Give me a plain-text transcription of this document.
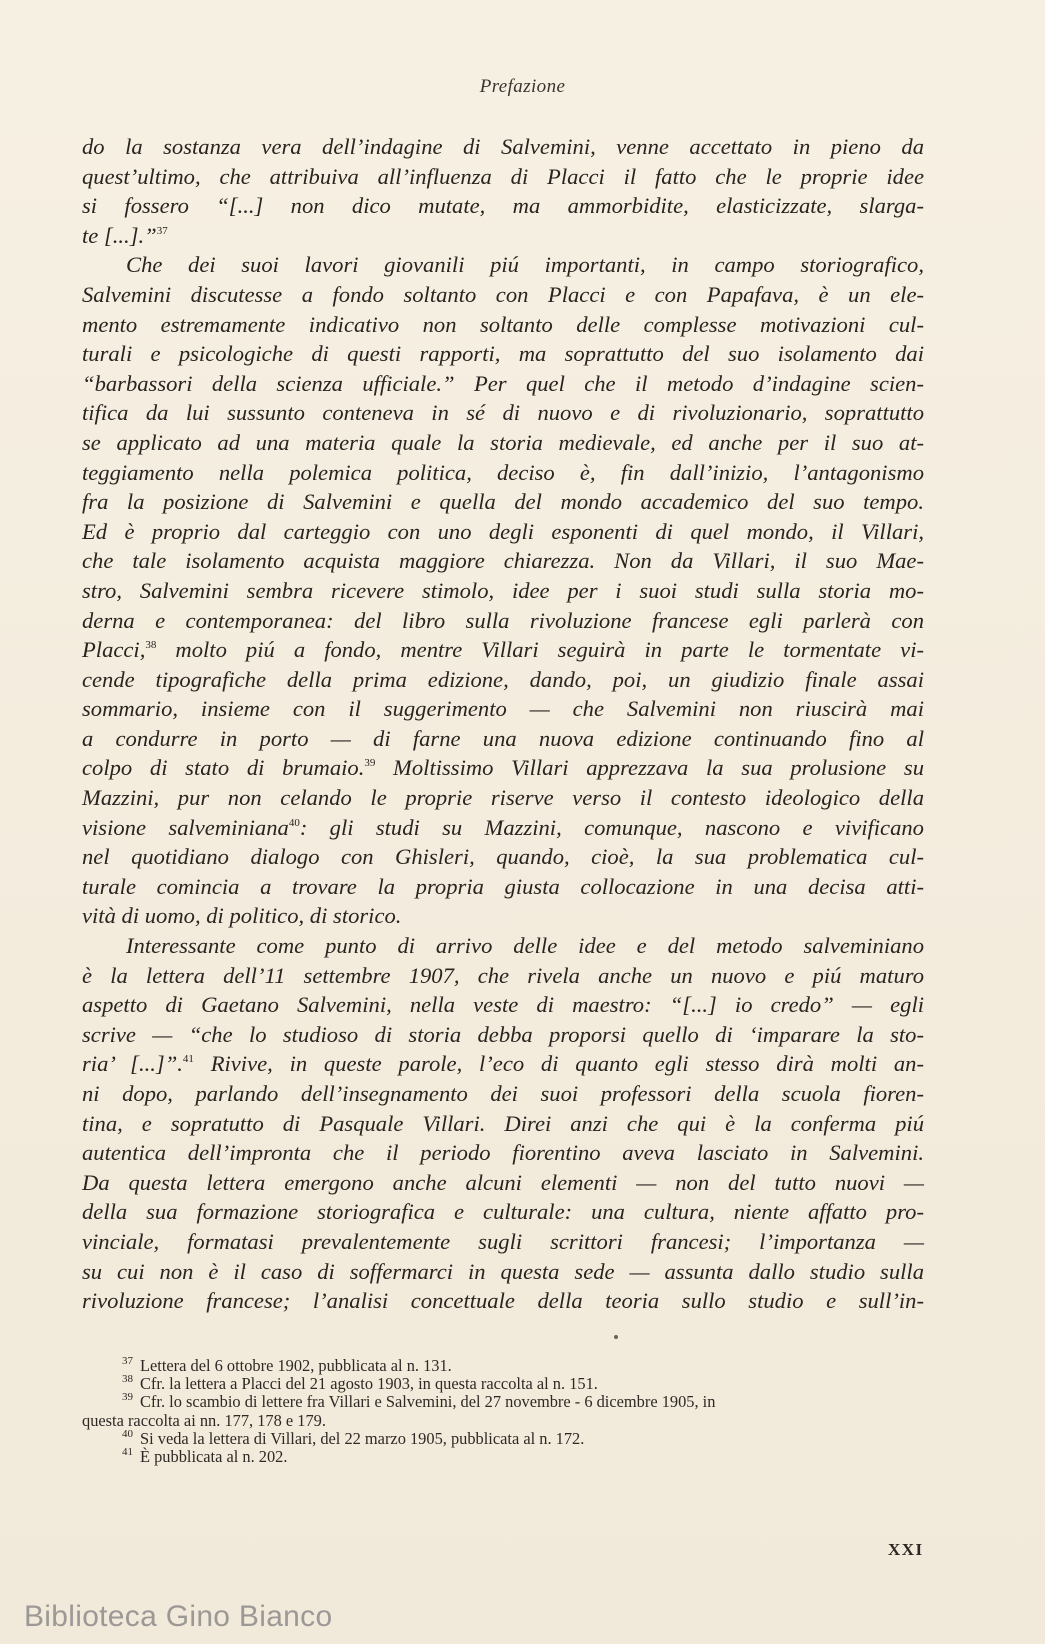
Prefazione
do la sostanza vera dell’indagine di Salvemini, venne accettato in pieno da
quest’ultimo, che attribuiva all’influenza di Placci il fatto che le proprie idee
si fossero “[...] non dico mutate, ma ammorbidite, elasticizzate, slarga-
te [...].”$^{37}$
Che dei suoi lavori giovanili piú importanti, in campo storiografico,
Salvemini discutesse a fondo soltanto con Placci e con Papafava, è un ele-
mento estremamente indicativo non soltanto delle complesse motivazioni cul-
turali e psicologiche di questi rapporti, ma soprattutto del suo isolamento dai
“barbassori della scienza ufficiale.” Per quel che il metodo d’indagine scien-
tifica da lui sussunto conteneva in sé di nuovo e di rivoluzionario, soprattutto
se applicato ad una materia quale la storia medievale, ed anche per il suo at-
teggiamento nella polemica politica, deciso è, fin dall’inizio, l’antagonismo
fra la posizione di Salvemini e quella del mondo accademico del suo tempo.
Ed è proprio dal carteggio con uno degli esponenti di quel mondo, il Villari,
che tale isolamento acquista maggiore chiarezza. Non da Villari, il suo Mae-
stro, Salvemini sembra ricevere stimolo, idee per i suoi studi sulla storia mo-
derna e contemporanea: del libro sulla rivoluzione francese egli parlerà con
Placci,$^{38}$ molto piú a fondo, mentre Villari seguirà in parte le tormentate vi-
cende tipografiche della prima edizione, dando, poi, un giudizio finale assai
sommario, insieme con il suggerimento — che Salvemini non riuscirà mai
a condurre in porto — di farne una nuova edizione continuando fino al
colpo di stato di brumaio.$^{39}$ Moltissimo Villari apprezzava la sua prolusione su
Mazzini, pur non celando le proprie riserve verso il contesto ideologico della
visione salveminiana$^{40}$: gli studi su Mazzini, comunque, nascono e vivificano
nel quotidiano dialogo con Ghisleri, quando, cioè, la sua problematica cul-
turale comincia a trovare la propria giusta collocazione in una decisa atti-
vità di uomo, di politico, di storico.
Interessante come punto di arrivo delle idee e del metodo salveminiano
è la lettera dell’11 settembre 1907, che rivela anche un nuovo e piú maturo
aspetto di Gaetano Salvemini, nella veste di maestro: “[...] io credo” — egli
scrive — “che lo studioso di storia debba proporsi quello di ‘imparare la sto-
ria’ [...]”.$^{41}$ Rivive, in queste parole, l’eco di quanto egli stesso dirà molti an-
ni dopo, parlando dell’insegnamento dei suoi professori della scuola fioren-
tina, e sopratutto di Pasquale Villari. Direi anzi che qui è la conferma piú
autentica dell’impronta che il periodo fiorentino aveva lasciato in Salvemini.
Da questa lettera emergono anche alcuni elementi — non del tutto nuovi —
della sua formazione storiografica e culturale: una cultura, niente affatto pro-
vinciale, formatasi prevalentemente sugli scrittori francesi; l’importanza —
su cui non è il caso di soffermarci in questa sede — assunta dallo studio sulla
rivoluzione francese; l’analisi concettuale della teoria sullo studio e sull’in-
37 Lettera del 6 ottobre 1902, pubblicata al n. 131.
38 Cfr. la lettera a Placci del 21 agosto 1903, in questa raccolta al n. 151.
39 Cfr. lo scambio di lettere fra Villari e Salvemini, del 27 novembre - 6 dicembre 1905, in
questa raccolta ai nn. 177, 178 e 179.
40 Si veda la lettera di Villari, del 22 marzo 1905, pubblicata al n. 172.
41 È pubblicata al n. 202.
XXI
Biblioteca Gino Bianco
